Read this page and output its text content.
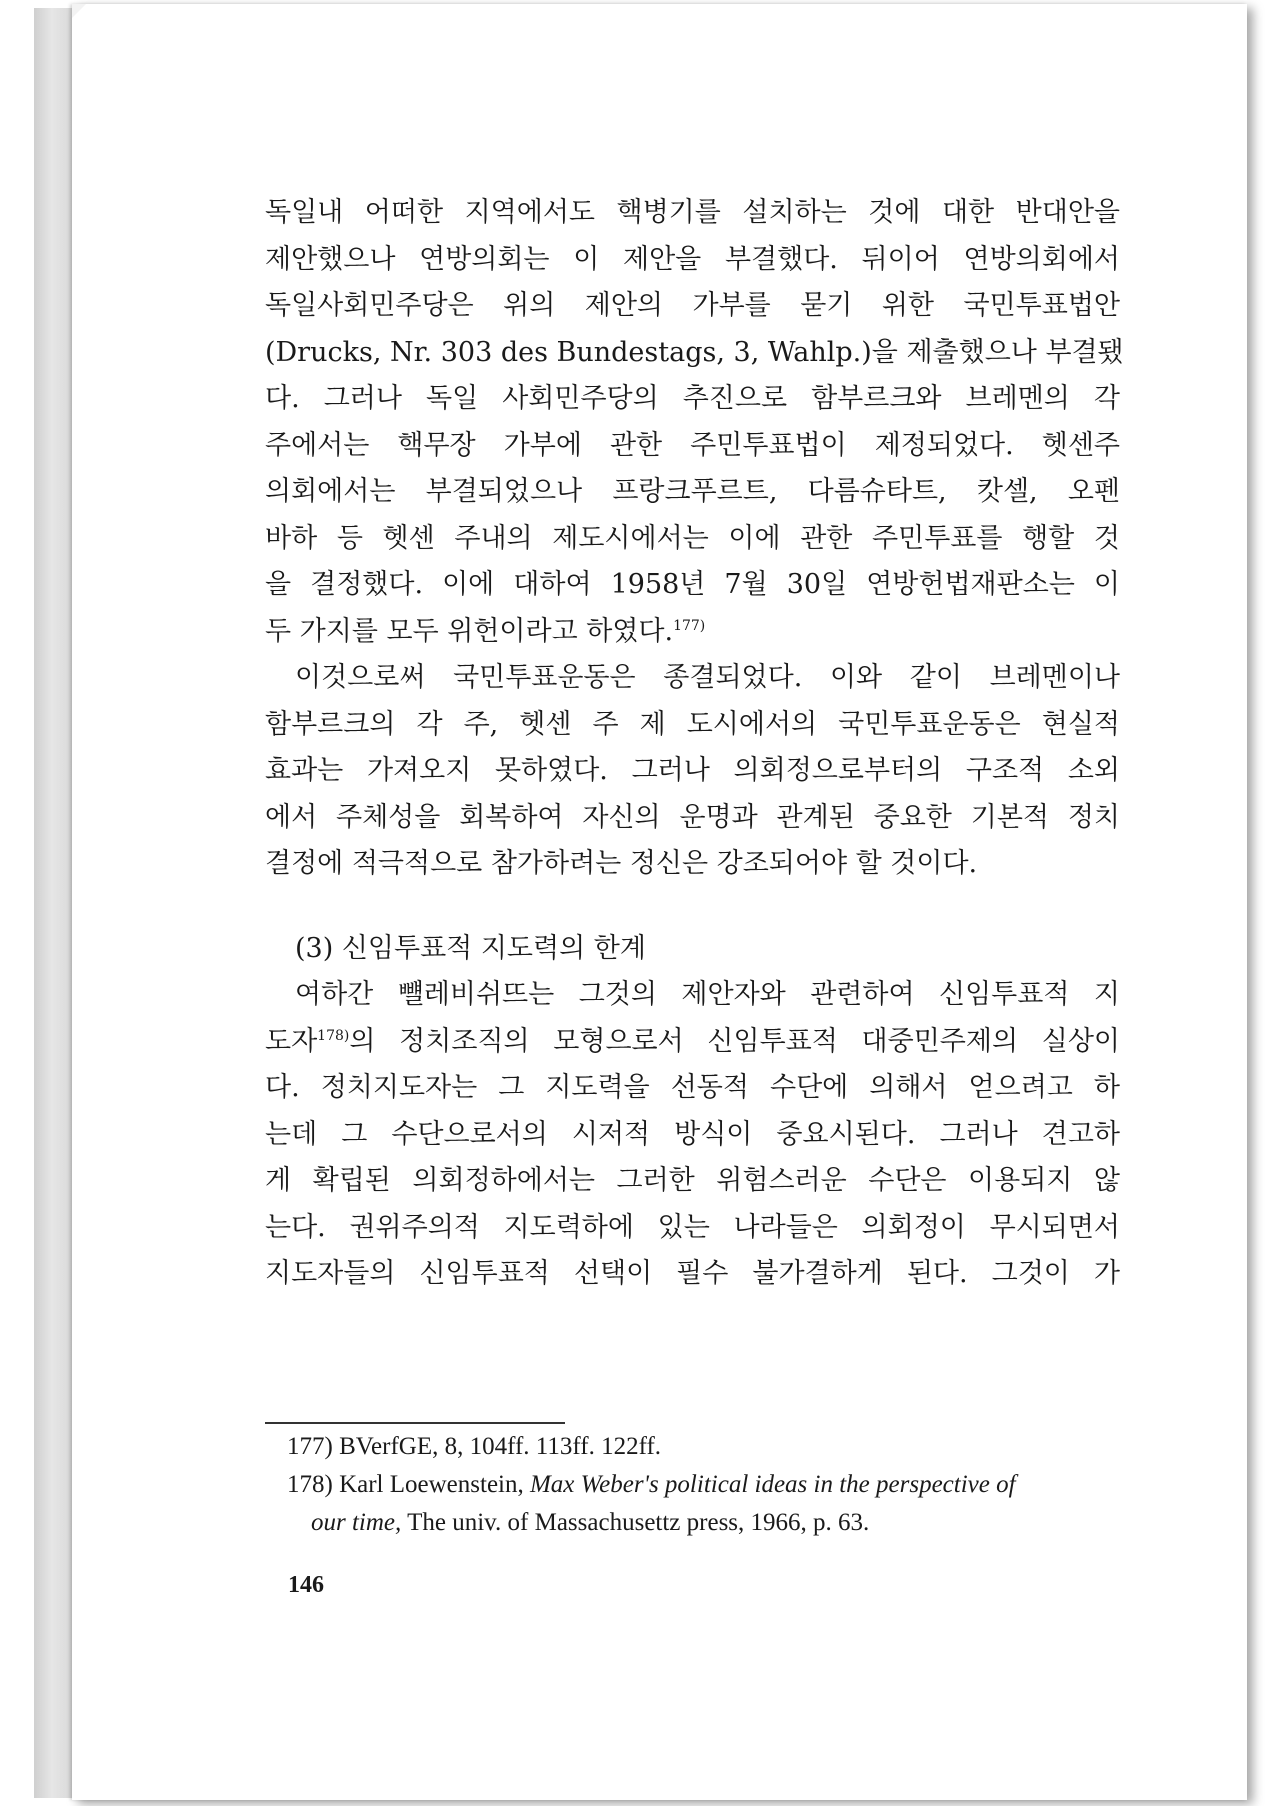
독일내 어떠한 지역에서도 핵병기를 설치하는 것에 대한 반대안을
제안했으나 연방의회는 이 제안을 부결했다. 뒤이어 연방의회에서
독일사회민주당은 위의 제안의 가부를 묻기 위한 국민투표법안
(Drucks, Nr. 303 des Bundestags, 3, Wahlp.)을 제출했으나 부결됐
다. 그러나 독일 사회민주당의 추진으로 함부르크와 브레멘의 각
주에서는 핵무장 가부에 관한 주민투표법이 제정되었다. 헷센주
의회에서는 부결되었으나 프랑크푸르트, 다름슈타트, 캇셀, 오펜
바하 등 헷센 주내의 제도시에서는 이에 관한 주민투표를 행할 것
을 결정했다. 이에 대하여 1958년 7월 30일 연방헌법재판소는 이
두 가지를 모두 위헌이라고 하였다.$^{177)}$
이것으로써 국민투표운동은 종결되었다. 이와 같이 브레멘이나
함부르크의 각 주, 헷센 주 제 도시에서의 국민투표운동은 현실적
효과는 가져오지 못하였다. 그러나 의회정으로부터의 구조적 소외
에서 주체성을 회복하여 자신의 운명과 관계된 중요한 기본적 정치
결정에 적극적으로 참가하려는 정신은 강조되어야 할 것이다.
(3) 신임투표적 지도력의 한계
여하간 뺼레비쉬뜨는 그것의 제안자와 관련하여 신임투표적 지
도자$^{178)}$의 정치조직의 모형으로서 신임투표적 대중민주제의 실상이
다. 정치지도자는 그 지도력을 선동적 수단에 의해서 얻으려고 하
는데 그 수단으로서의 시저적 방식이 중요시된다. 그러나 견고하
게 확립된 의회정하에서는 그러한 위험스러운 수단은 이용되지 않
는다. 권위주의적 지도력하에 있는 나라들은 의회정이 무시되면서
지도자들의 신임투표적 선택이 필수 불가결하게 된다. 그것이 가
177) BVerfGE, 8, 104ff. 113ff. 122ff.
178) Karl Loewenstein, Max Weber's political ideas in the perspective of
our time, The univ. of Massachusettz press, 1966, p. 63.
146
